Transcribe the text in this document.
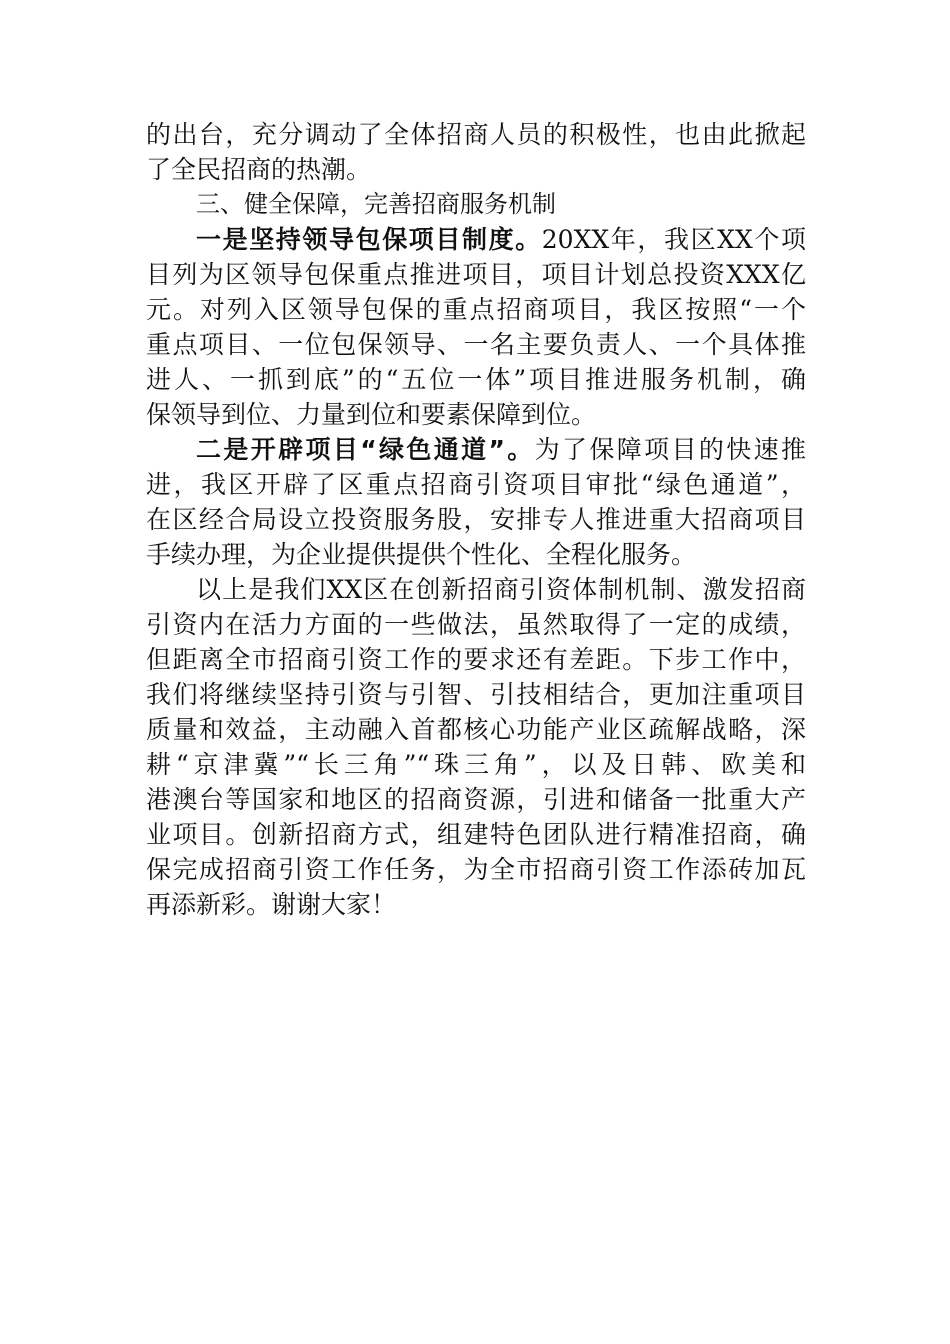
的出台，充分调动了全体招商人员的积极性，也由此掀起
了全民招商的热潮。
三、健全保障，完善招商服务机制
一是坚持领导包保项目制度。20XX年，我区XX个项
目列为区领导包保重点推进项目，项目计划总投资XXX亿
元。对列入区领导包保的重点招商项目，我区按照“一个
重点项目、一位包保领导、一名主要负责人、一个具体推
进人、一抓到底”的“五位一体”项目推进服务机制，确
保领导到位、力量到位和要素保障到位。
二是开辟项目“绿色通道”。为了保障项目的快速推
进，我区开辟了区重点招商引资项目审批“绿色通道”，
在区经合局设立投资服务股，安排专人推进重大招商项目
手续办理，为企业提供提供个性化、全程化服务。
以上是我们XX区在创新招商引资体制机制、激发招商
引资内在活力方面的一些做法，虽然取得了一定的成绩，
但距离全市招商引资工作的要求还有差距。下步工作中，
我们将继续坚持引资与引智、引技相结合，更加注重项目
质量和效益，主动融入首都核心功能产业区疏解战略，深
耕“京津冀”“长三角”“珠三角”，以及日韩、欧美和
港澳台等国家和地区的招商资源，引进和储备一批重大产
业项目。创新招商方式，组建特色团队进行精准招商，确
保完成招商引资工作任务，为全市招商引资工作添砖加瓦
再添新彩。谢谢大家！
